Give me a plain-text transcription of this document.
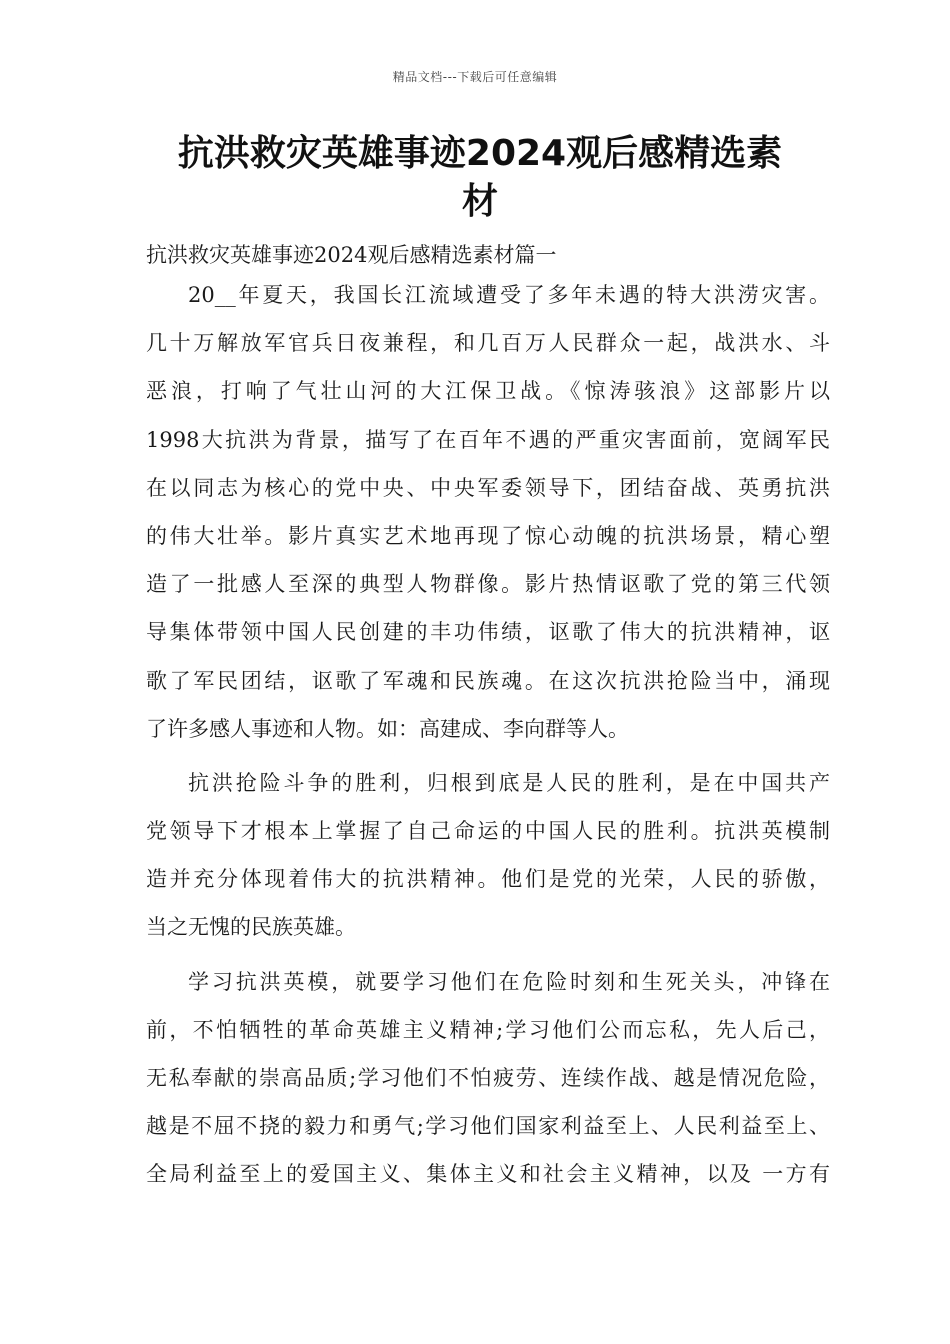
精品文档---下载后可任意编辑
抗洪救灾英雄事迹2024观后感精选素
材

抗洪救灾英雄事迹2024观后感精选素材篇一

20__年夏天，我国长江流域遭受了多年未遇的特大洪涝灾害。
几十万解放军官兵日夜兼程，和几百万人民群众一起，战洪水、斗
恶浪，打响了气壮山河的大江保卫战。《惊涛骇浪》这部影片以
1998大抗洪为背景，描写了在百年不遇的严重灾害面前，宽阔军民
在以同志为核心的党中央、中央军委领导下，团结奋战、英勇抗洪
的伟大壮举。影片真实艺术地再现了惊心动魄的抗洪场景，精心塑
造了一批感人至深的典型人物群像。影片热情讴歌了党的第三代领
导集体带领中国人民创建的丰功伟绩，讴歌了伟大的抗洪精神，讴
歌了军民团结，讴歌了军魂和民族魂。在这次抗洪抢险当中，涌现
了许多感人事迹和人物。如：高建成、李向群等人。
抗洪抢险斗争的胜利，归根到底是人民的胜利，是在中国共产
党领导下才根本上掌握了自己命运的中国人民的胜利。抗洪英模制
造并充分体现着伟大的抗洪精神。他们是党的光荣，人民的骄傲，
当之无愧的民族英雄。
学习抗洪英模，就要学习他们在危险时刻和生死关头，冲锋在
前，不怕牺牲的革命英雄主义精神;学习他们公而忘私，先人后己，
无私奉献的崇高品质;学习他们不怕疲劳、连续作战、越是情况危险，
越是不屈不挠的毅力和勇气;学习他们国家利益至上、人民利益至上、
全局利益至上的爱国主义、集体主义和社会主义精神，以及 一方有
